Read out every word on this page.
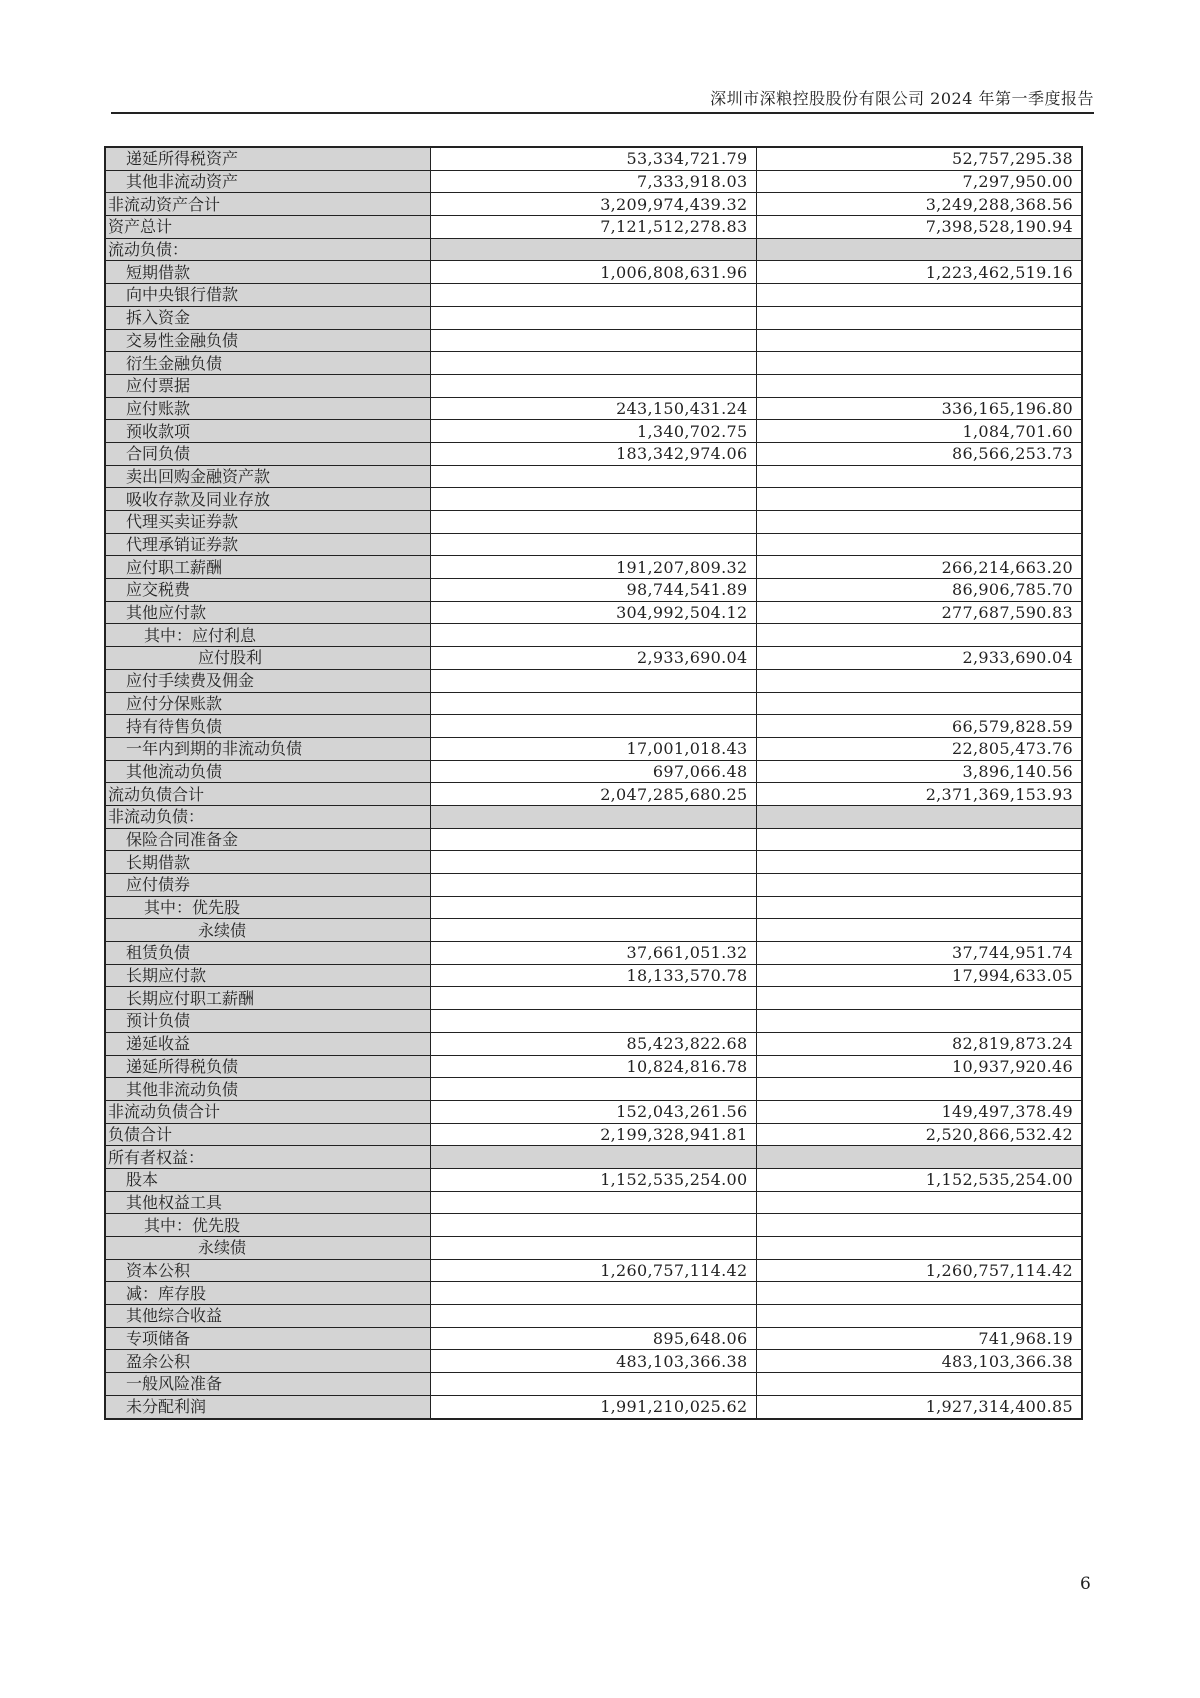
深圳市深粮控股股份有限公司 2024 年第一季度报告
递延所得税资产	53,334,721.79	52,757,295.38
其他非流动资产	7,333,918.03	7,297,950.00
非流动资产合计	3,209,974,439.32	3,249,288,368.56
资产总计	7,121,512,278.83	7,398,528,190.94
流动负债：		
短期借款	1,006,808,631.96	1,223,462,519.16
向中央银行借款		
拆入资金		
交易性金融负债		
衍生金融负债		
应付票据		
应付账款	243,150,431.24	336,165,196.80
预收款项	1,340,702.75	1,084,701.60
合同负债	183,342,974.06	86,566,253.73
卖出回购金融资产款		
吸收存款及同业存放		
代理买卖证券款		
代理承销证券款		
应付职工薪酬	191,207,809.32	266,214,663.20
应交税费	98,744,541.89	86,906,785.70
其他应付款	304,992,504.12	277,687,590.83
其中：应付利息		
应付股利	2,933,690.04	2,933,690.04
应付手续费及佣金		
应付分保账款		
持有待售负债		66,579,828.59
一年内到期的非流动负债	17,001,018.43	22,805,473.76
其他流动负债	697,066.48	3,896,140.56
流动负债合计	2,047,285,680.25	2,371,369,153.93
非流动负债：		
保险合同准备金		
长期借款		
应付债券		
其中：优先股		
永续债		
租赁负债	37,661,051.32	37,744,951.74
长期应付款	18,133,570.78	17,994,633.05
长期应付职工薪酬		
预计负债		
递延收益	85,423,822.68	82,819,873.24
递延所得税负债	10,824,816.78	10,937,920.46
其他非流动负债		
非流动负债合计	152,043,261.56	149,497,378.49
负债合计	2,199,328,941.81	2,520,866,532.42
所有者权益：		
股本	1,152,535,254.00	1,152,535,254.00
其他权益工具		
其中：优先股		
永续债		
资本公积	1,260,757,114.42	1,260,757,114.42
减：库存股		
其他综合收益		
专项储备	895,648.06	741,968.19
盈余公积	483,103,366.38	483,103,366.38
一般风险准备		
未分配利润	1,991,210,025.62	1,927,314,400.85
6
